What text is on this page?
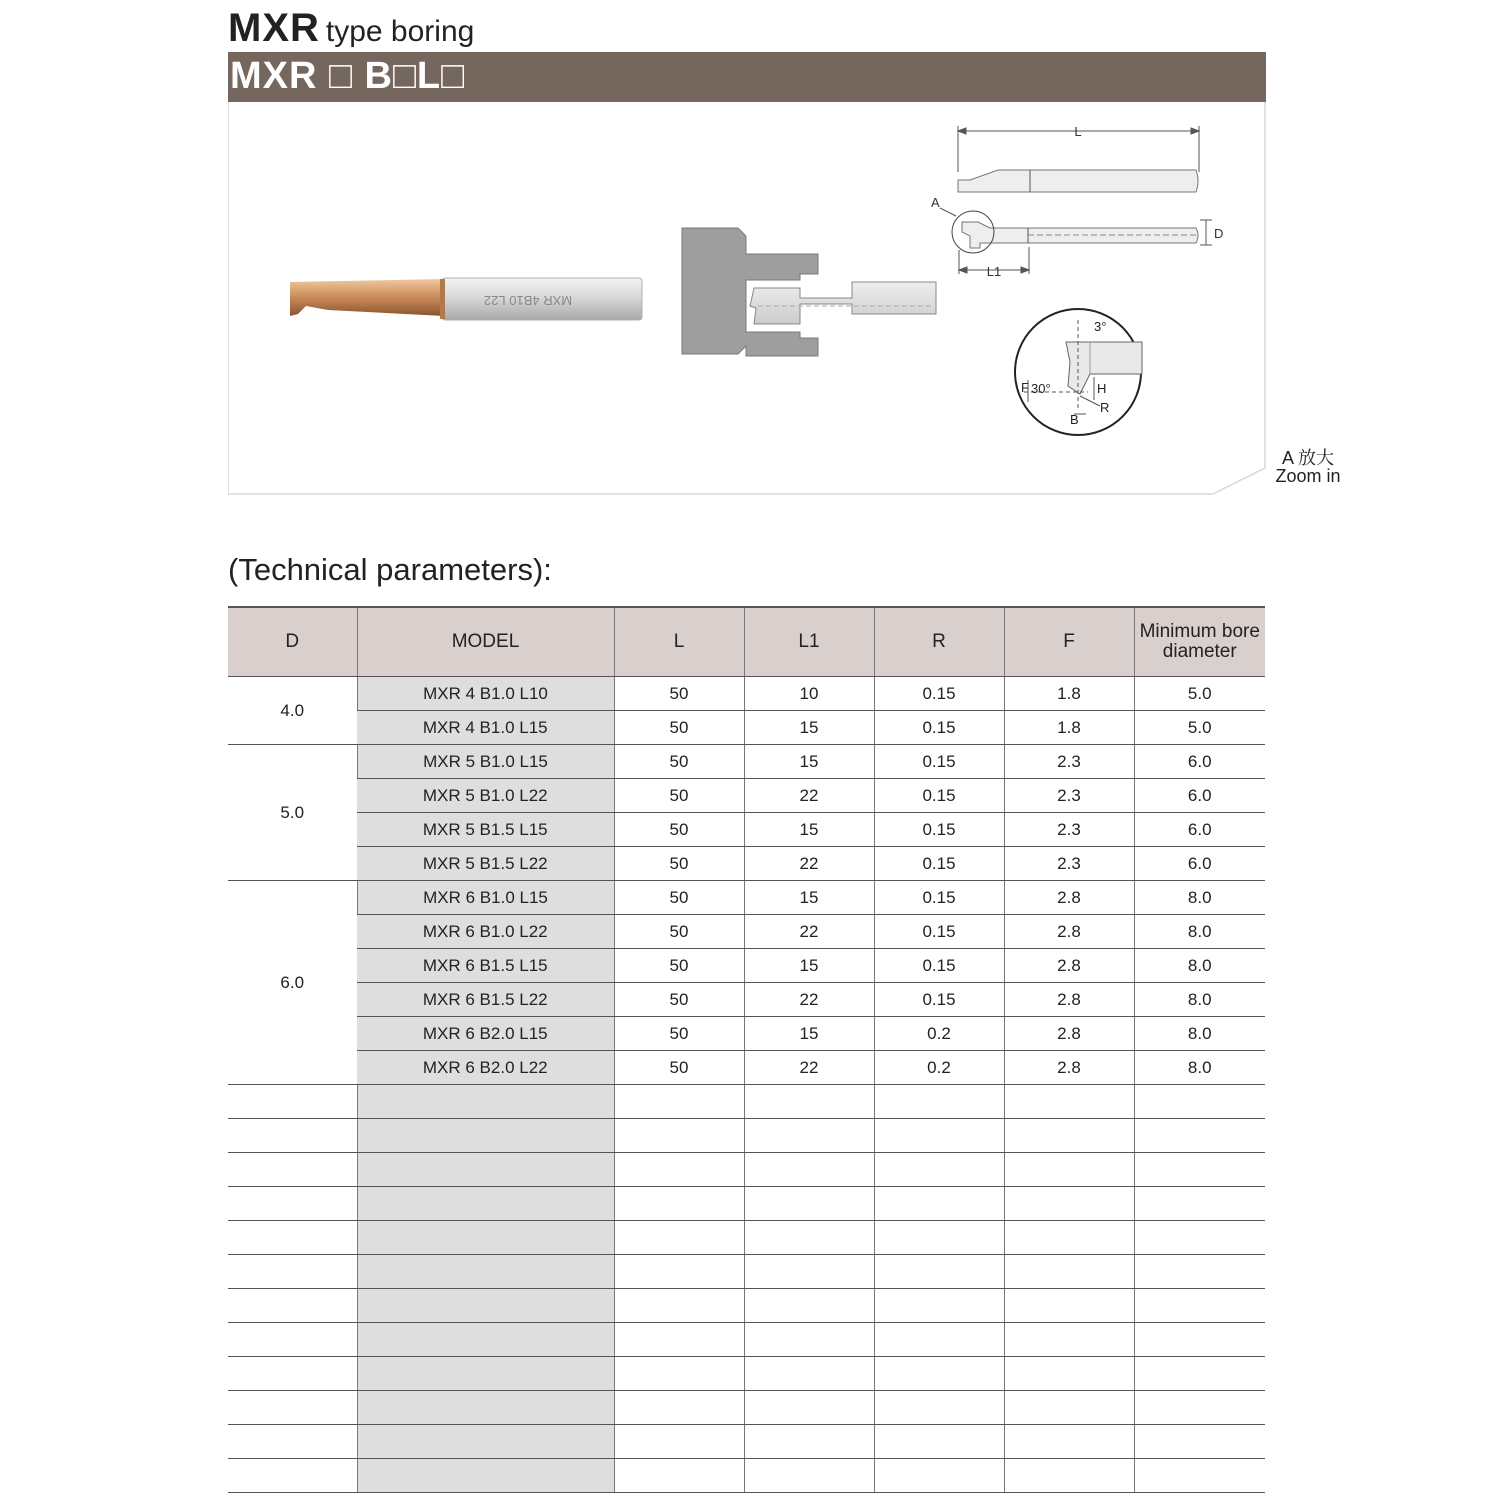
MXR type boring
MXR □ B□L□
MXR 4B10 L22
L
A
D
L1
3°
F 30°	H
R
B
A 放大
Zoom in
(Technical parameters):
D	MODEL	L	L1	R	F	Minimum bore diameter
4.0	MXR 4 B1.0 L10	50	10	0.15	1.8	5.0
	MXR 4 B1.0 L15	50	15	0.15	1.8	5.0
5.0	MXR 5 B1.0 L15	50	15	0.15	2.3	6.0
	MXR 5 B1.0 L22	50	22	0.15	2.3	6.0
	MXR 5 B1.5 L15	50	15	0.15	2.3	6.0
	MXR 5 B1.5 L22	50	22	0.15	2.3	6.0
6.0	MXR 6 B1.0 L15	50	15	0.15	2.8	8.0
	MXR 6 B1.0 L22	50	22	0.15	2.8	8.0
	MXR 6 B1.5 L15	50	15	0.15	2.8	8.0
	MXR 6 B1.5 L22	50	22	0.15	2.8	8.0
	MXR 6 B2.0 L15	50	15	0.2	2.8	8.0
	MXR 6 B2.0 L22	50	22	0.2	2.8	8.0
